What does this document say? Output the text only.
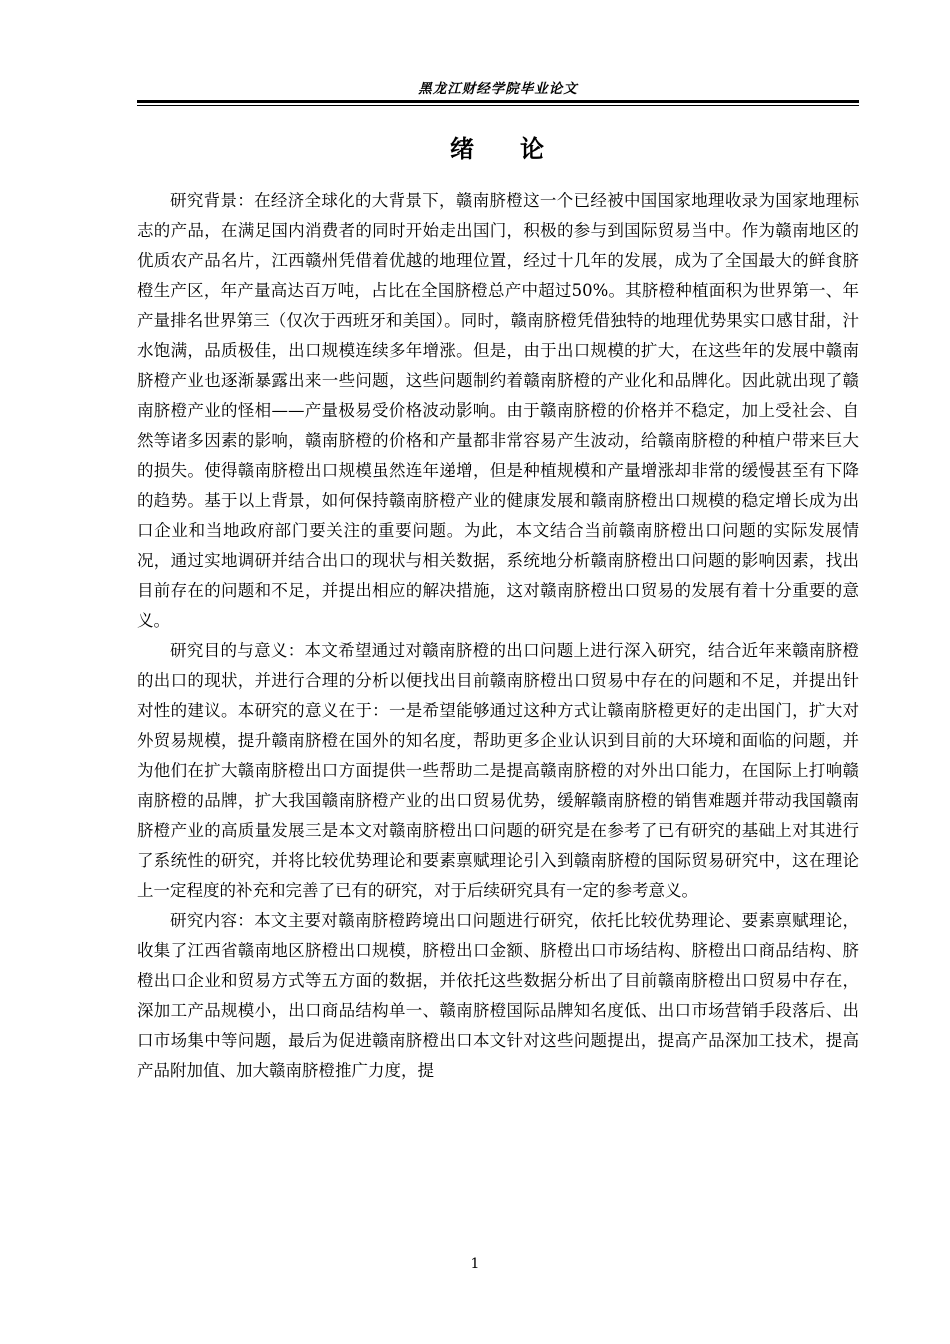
黑龙江财经学院毕业论文
绪 论

研究背景：在经济全球化的大背景下，赣南脐橙这一个已经被中国国家地理收录为国家地理标志的产品，在满足国内消费者的同时开始走出国门，积极的参与到国际贸易当中。作为赣南地区的优质农产品名片，江西赣州凭借着优越的地理位置，经过十几年的发展，成为了全国最大的鲜食脐橙生产区，年产量高达百万吨，占比在全国脐橙总产中超过50%。其脐橙种植面积为世界第一、年产量排名世界第三（仅次于西班牙和美国）。同时，赣南脐橙凭借独特的地理优势果实口感甘甜，汁水饱满，品质极佳，出口规模连续多年增涨。但是，由于出口规模的扩大，在这些年的发展中赣南脐橙产业也逐渐暴露出来一些问题，这些问题制约着赣南脐橙的产业化和品牌化。因此就出现了赣南脐橙产业的怪相——产量极易受价格波动影响。由于赣南脐橙的价格并不稳定，加上受社会、自然等诸多因素的影响，赣南脐橙的价格和产量都非常容易产生波动，给赣南脐橙的种植户带来巨大的损失。使得赣南脐橙出口规模虽然连年递增，但是种植规模和产量增涨却非常的缓慢甚至有下降的趋势。基于以上背景，如何保持赣南脐橙产业的健康发展和赣南脐橙出口规模的稳定增长成为出口企业和当地政府部门要关注的重要问题。为此，本文结合当前赣南脐橙出口问题的实际发展情况，通过实地调研并结合出口的现状与相关数据，系统地分析赣南脐橙出口问题的影响因素，找出目前存在的问题和不足，并提出相应的解决措施，这对赣南脐橙出口贸易的发展有着十分重要的意义。

研究目的与意义：本文希望通过对赣南脐橙的出口问题上进行深入研究，结合近年来赣南脐橙的出口的现状，并进行合理的分析以便找出目前赣南脐橙出口贸易中存在的问题和不足，并提出针对性的建议。本研究的意义在于：一是希望能够通过这种方式让赣南脐橙更好的走出国门，扩大对外贸易规模，提升赣南脐橙在国外的知名度，帮助更多企业认识到目前的大环境和面临的问题，并为他们在扩大赣南脐橙出口方面提供一些帮助二是提高赣南脐橙的对外出口能力，在国际上打响赣南脐橙的品牌，扩大我国赣南脐橙产业的出口贸易优势，缓解赣南脐橙的销售难题并带动我国赣南脐橙产业的高质量发展三是本文对赣南脐橙出口问题的研究是在参考了已有研究的基础上对其进行了系统性的研究，并将比较优势理论和要素禀赋理论引入到赣南脐橙的国际贸易研究中，这在理论上一定程度的补充和完善了已有的研究，对于后续研究具有一定的参考意义。

研究内容：本文主要对赣南脐橙跨境出口问题进行研究，依托比较优势理论、要素禀赋理论，收集了江西省赣南地区脐橙出口规模，脐橙出口金额、脐橙出口市场结构、脐橙出口商品结构、脐橙出口企业和贸易方式等五方面的数据，并依托这些数据分析出了目前赣南脐橙出口贸易中存在，深加工产品规模小，出口商品结构单一、赣南脐橙国际品牌知名度低、出口市场营销手段落后、出口市场集中等问题，最后为促进赣南脐橙出口本文针对这些问题提出，提高产品深加工技术，提高产品附加值、加大赣南脐橙推广力度，提

1
